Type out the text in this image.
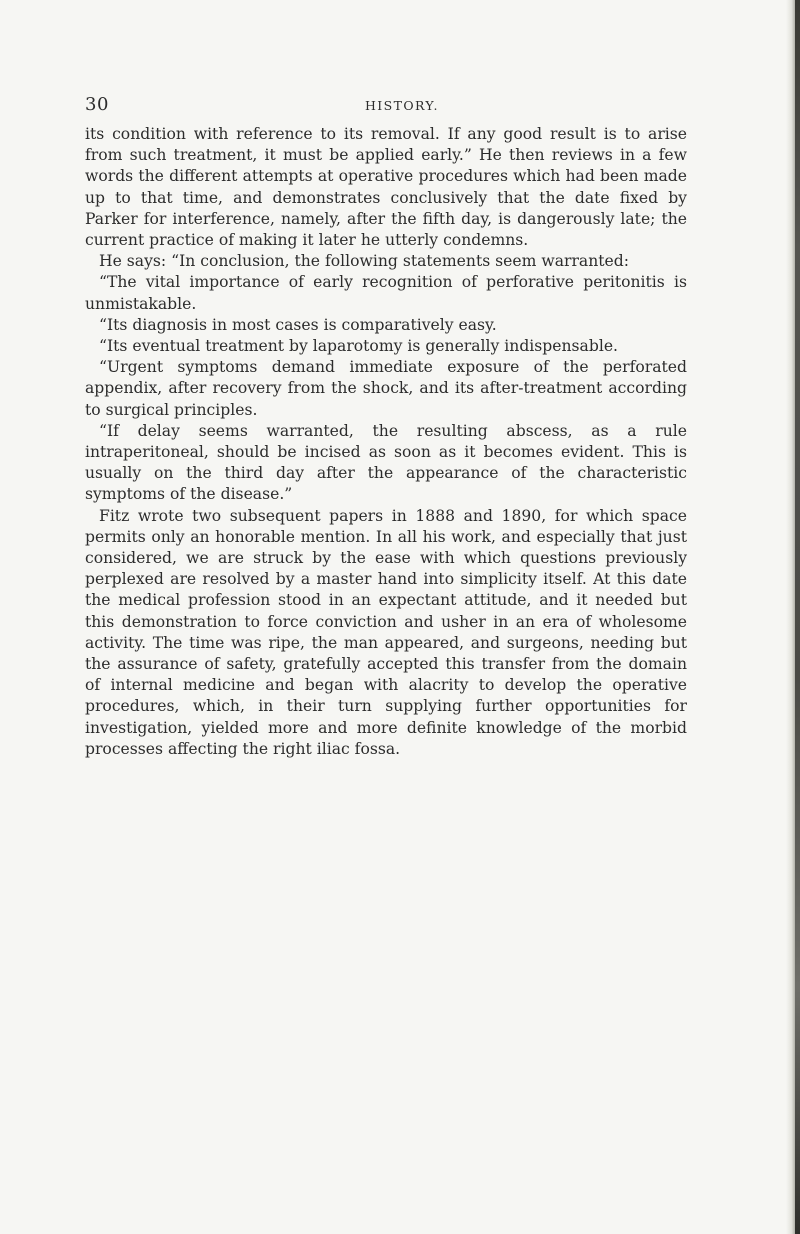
30	HISTORY.

its condition with reference to its removal. If any good result is to arise from such treatment, it must be applied early.” He then reviews in a few words the different attempts at operative procedures which had been made up to that time, and demonstrates conclusively that the date fixed by Parker for interference, namely, after the fifth day, is dangerously late; the current practice of making it later he utterly condemns.

He says: “In conclusion, the following statements seem warranted:

“The vital importance of early recognition of perforative peritonitis is unmistakable.

“Its diagnosis in most cases is comparatively easy.

“Its eventual treatment by laparotomy is generally indispensable.

“Urgent symptoms demand immediate exposure of the perforated appendix, after recovery from the shock, and its after-treatment according to surgical principles.

“If delay seems warranted, the resulting abscess, as a rule intraperitoneal, should be incised as soon as it becomes evident. This is usually on the third day after the appearance of the characteristic symptoms of the disease.”

Fitz wrote two subsequent papers in 1888 and 1890, for which space permits only an honorable mention. In all his work, and especially that just considered, we are struck by the ease with which questions previously perplexed are resolved by a master hand into simplicity itself. At this date the medical profession stood in an expectant attitude, and it needed but this demonstration to force conviction and usher in an era of wholesome activity. The time was ripe, the man appeared, and surgeons, needing but the assurance of safety, gratefully accepted this transfer from the domain of internal medicine and began with alacrity to develop the operative procedures, which, in their turn supplying further opportunities for investigation, yielded more and more definite knowledge of the morbid processes affecting the right iliac fossa.
